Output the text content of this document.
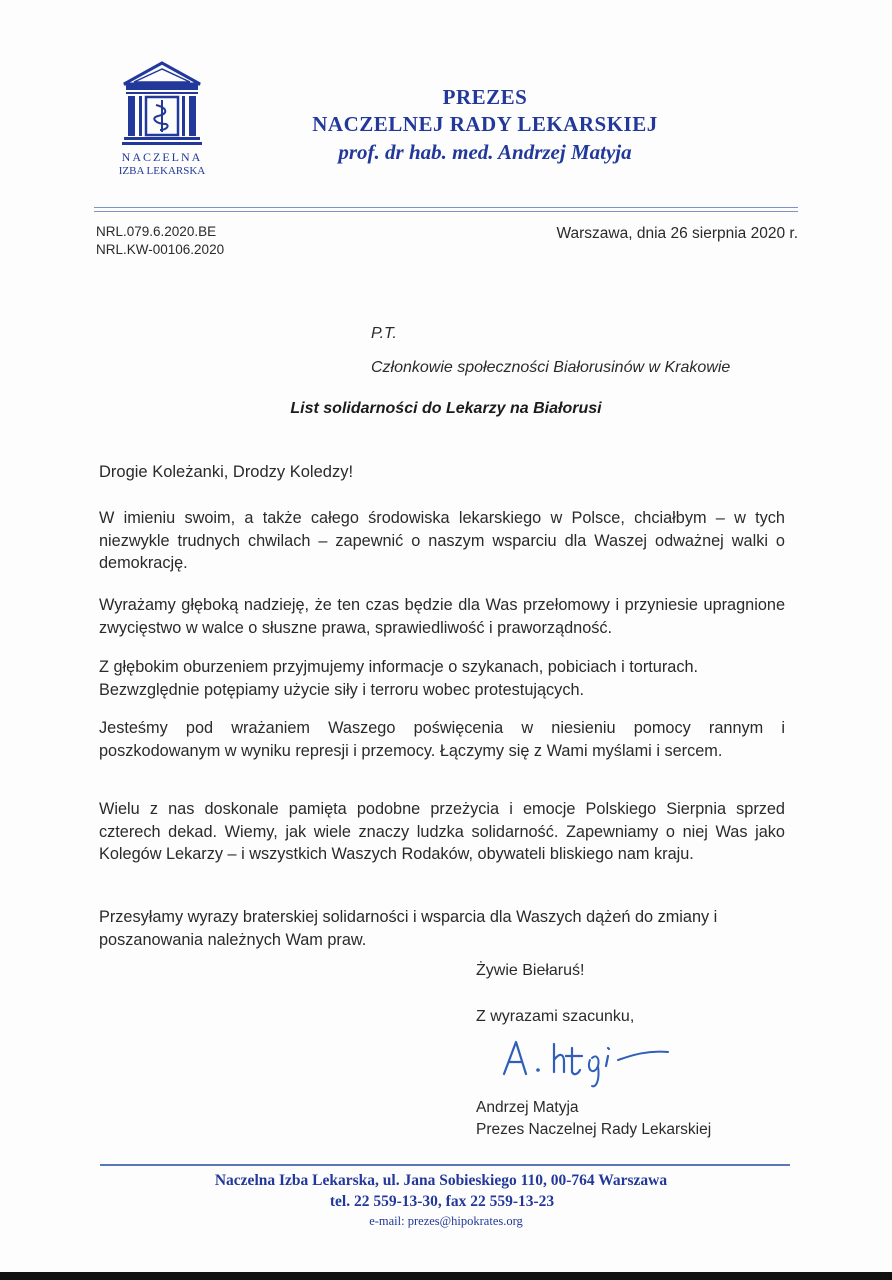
NACZELNA
IZBA LEKARSKA
PREZES
NACZELNEJ RADY LEKARSKIEJ
prof. dr hab. med. Andrzej Matyja
NRL.079.6.2020.BE
NRL.KW-00106.2020
Warszawa, dnia 26 sierpnia 2020 r.
P.T.
Członkowie społeczności Białorusinów w Krakowie
List solidarności do Lekarzy na Białorusi
Drogie Koleżanki, Drodzy Koledzy!
W imieniu swoim, a także całego środowiska lekarskiego w Polsce, chciałbym – w tych niezwykle trudnych chwilach – zapewnić o naszym wsparciu dla Waszej odważnej walki o demokrację.
Wyrażamy głęboką nadzieję, że ten czas będzie dla Was przełomowy i przyniesie upragnione zwycięstwo w walce o słuszne prawa, sprawiedliwość i praworządność.
Z głębokim oburzeniem przyjmujemy informacje o szykanach, pobiciach i torturach. Bezwzględnie potępiamy użycie siły i terroru wobec protestujących.
Jesteśmy pod wrażaniem Waszego poświęcenia w niesieniu pomocy rannym i poszkodowanym w wyniku represji i przemocy. Łączymy się z Wami myślami i sercem.
Wielu z nas doskonale pamięta podobne przeżycia i emocje Polskiego Sierpnia sprzed czterech dekad. Wiemy, jak wiele znaczy ludzka solidarność. Zapewniamy o niej Was jako Kolegów Lekarzy – i wszystkich Waszych Rodaków, obywateli bliskiego nam kraju.
Przesyłamy wyrazy braterskiej solidarności i wsparcia dla Waszych dążeń do zmiany i poszanowania należnych Wam praw.
Żywie Biełaruś!
Z wyrazami szacunku,
Andrzej Matyja
Prezes Naczelnej Rady Lekarskiej
Naczelna Izba Lekarska, ul. Jana Sobieskiego 110, 00-764 Warszawa
tel. 22 559-13-30, fax 22 559-13-23
e-mail: prezes@hipokrates.org
